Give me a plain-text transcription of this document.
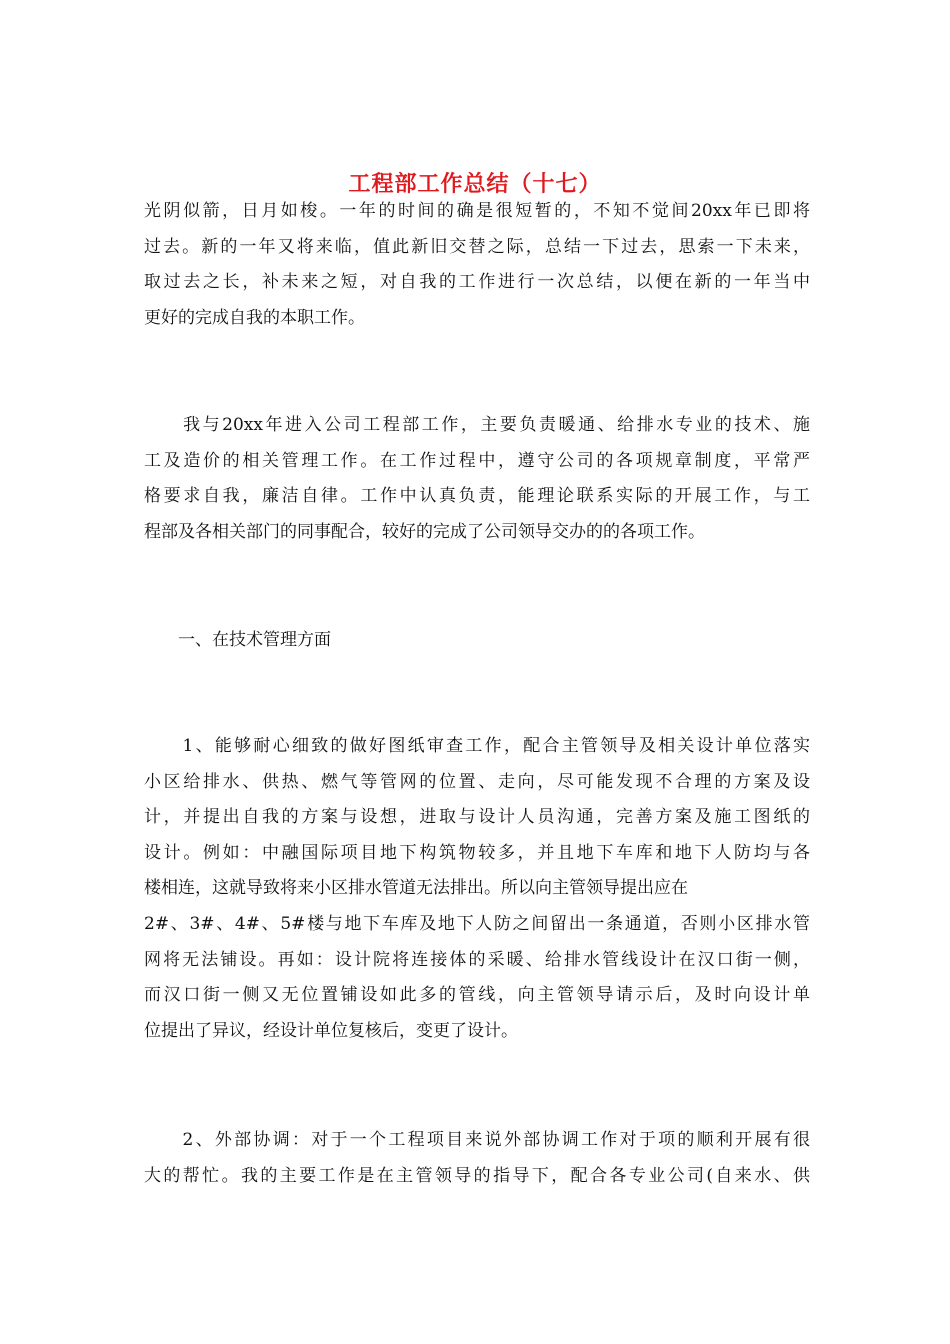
工程部工作总结（十七）

光阴似箭，日月如梭。一年的时间的确是很短暂的，不知不觉间20xx年已即将
过去。新的一年又将来临，值此新旧交替之际，总结一下过去，思索一下未来，
取过去之长，补未来之短，对自我的工作进行一次总结，以便在新的一年当中
更好的完成自我的本职工作。

　　我与20xx年进入公司工程部工作，主要负责暖通、给排水专业的技术、施
工及造价的相关管理工作。在工作过程中，遵守公司的各项规章制度，平常严
格要求自我，廉洁自律。工作中认真负责，能理论联系实际的开展工作，与工
程部及各相关部门的同事配合，较好的完成了公司领导交办的的各项工作。

　　一、在技术管理方面

　　1、能够耐心细致的做好图纸审查工作，配合主管领导及相关设计单位落实
小区给排水、供热、燃气等管网的位置、走向，尽可能发现不合理的方案及设
计，并提出自我的方案与设想，进取与设计人员沟通，完善方案及施工图纸的
设计。例如：中融国际项目地下构筑物较多，并且地下车库和地下人防均与各
楼相连，这就导致将来小区排水管道无法排出。所以向主管领导提出应在
2#、3#、4#、5#楼与地下车库及地下人防之间留出一条通道，否则小区排水管
网将无法铺设。再如：设计院将连接体的采暖、给排水管线设计在汉口街一侧，
而汉口街一侧又无位置铺设如此多的管线，向主管领导请示后，及时向设计单
位提出了异议，经设计单位复核后，变更了设计。

　　2、外部协调：对于一个工程项目来说外部协调工作对于项的顺利开展有很
大的帮忙。我的主要工作是在主管领导的指导下，配合各专业公司(自来水、供
